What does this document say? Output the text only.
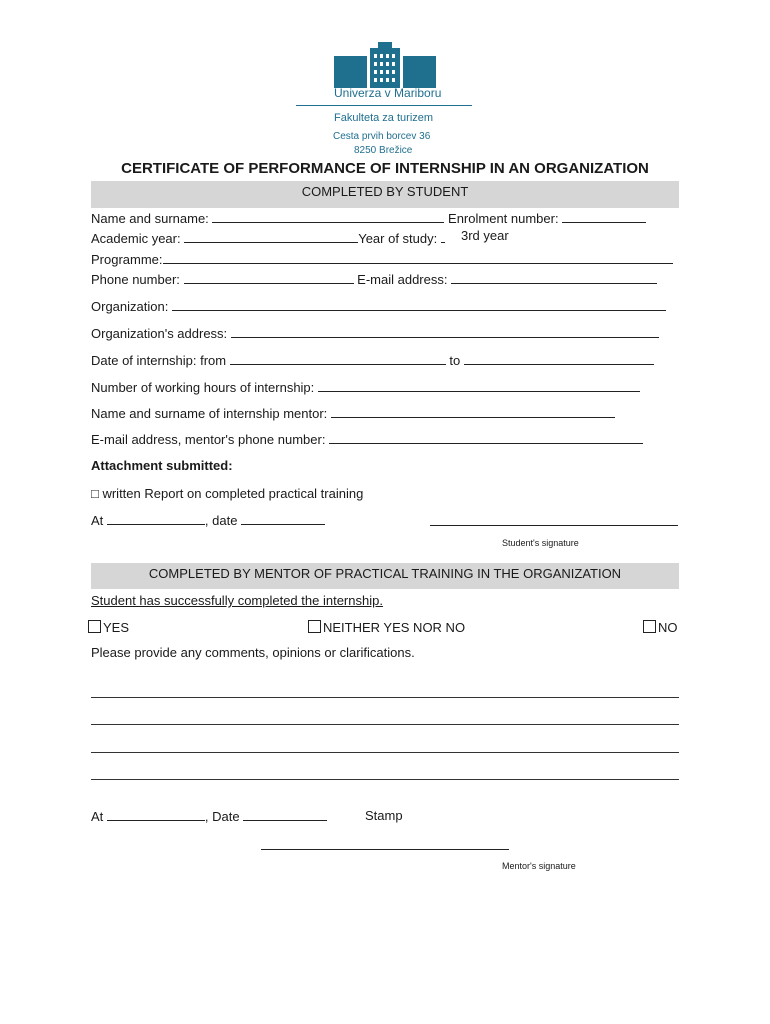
Univerza v Mariboru
Fakulteta za turizem
Cesta prvih borcev 36
8250 Brežice
CERTIFICATE OF PERFORMANCE OF INTERNSHIP IN AN ORGANIZATION
COMPLETED BY STUDENT
Name and surname:	Enrolment number:
Academic year:	Year of study:	3rd year
Programme:
Phone number:	E-mail address:
Organization:
Organization's address:
Date of internship: from	to
Number of working hours of internship:
Name and surname of internship mentor:
E-mail address, mentor's phone number:
Attachment submitted:
□ written Report on completed practical training
At	, date
Student's signature
COMPLETED BY MENTOR OF PRACTICAL TRAINING IN THE ORGANIZATION
Student has successfully completed the internship.
YES	NEITHER YES NOR NO	NO
Please provide any comments, opinions or clarifications.
At	, Date	Stamp
Mentor's signature
